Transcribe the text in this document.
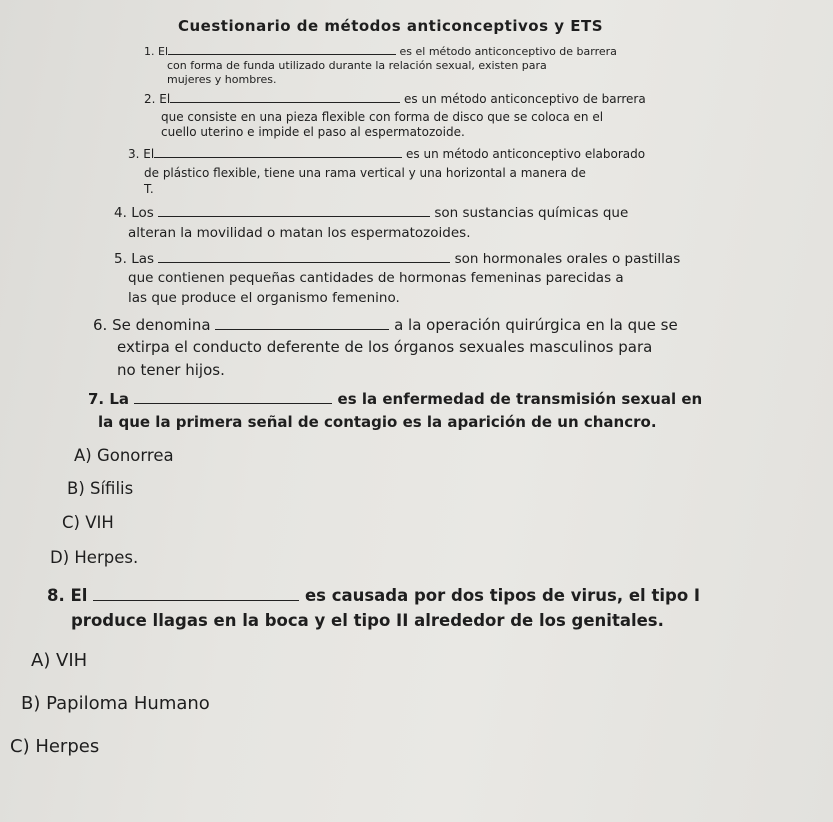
Cuestionario de métodos anticonceptivos y ETS
1. El	es el método anticonceptivo de barrera
con forma de funda utilizado durante la relación sexual, existen para
mujeres y hombres.
2. El	es un método anticonceptivo de barrera
que consiste en una pieza flexible con forma de disco que se coloca en el
cuello uterino e impide el paso al espermatozoide.
3. El	es un método anticonceptivo elaborado
de plástico flexible, tiene una rama vertical y una horizontal a manera de
T.
4. Los	son sustancias químicas que
alteran la movilidad o matan los espermatozoides.
5. Las	son hormonales orales o pastillas
que contienen pequeñas cantidades de hormonas femeninas parecidas a
las que produce el organismo femenino.
6. Se denomina	a la operación quirúrgica en la que se
extirpa el conducto deferente de los órganos sexuales masculinos para
no tener hijos.
7. La	es la enfermedad de transmisión sexual en
la que la primera señal de contagio es la aparición de un chancro.
A) Gonorrea
B) Sífilis
C) VIH
D) Herpes.
8. El	es causada por dos tipos de virus, el tipo I
produce llagas en la boca y el tipo II alrededor de los genitales.
A) VIH
B) Papiloma Humano
C) Herpes
